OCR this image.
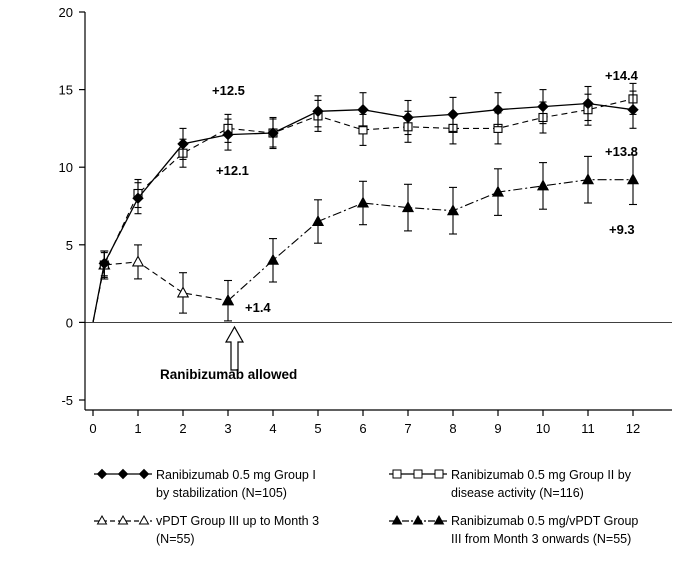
20
15
10
5
0
-5
0	1	2	3	4	5	6	7	8	9	10 11 12
+12.5
+12.1
+1.4
+14.4
+13.8
+9.3
Ranibizumab allowed
Ranibizumab 0.5 mg Group I
by stabilization (N=105)
Ranibizumab 0.5 mg Group II by
disease activity (N=116)
vPDT Group III up to Month 3
(N=55)
Ranibizumab 0.5 mg/vPDT Group
III from Month 3 onwards (N=55)
